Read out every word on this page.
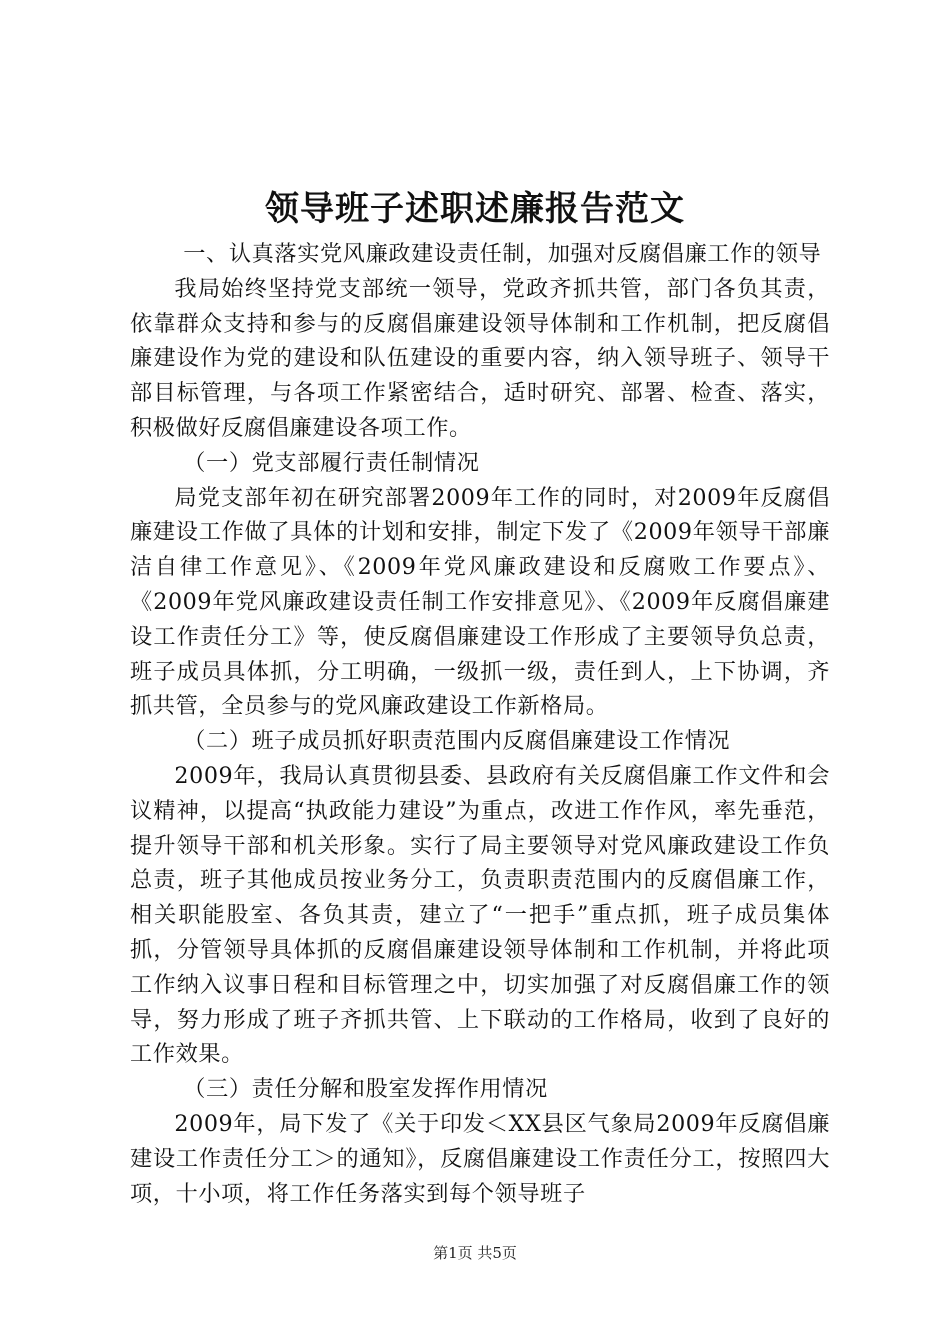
领导班子述职述廉报告范文

一、认真落实党风廉政建设责任制，加强对反腐倡廉工作的领导

我局始终坚持党支部统一领导，党政齐抓共管，部门各负其责，依靠群众支持和参与的反腐倡廉建设领导体制和工作机制，把反腐倡廉建设作为党的建设和队伍建设的重要内容，纳入领导班子、领导干部目标管理，与各项工作紧密结合，适时研究、部署、检查、落实，积极做好反腐倡廉建设各项工作。

（一）党支部履行责任制情况

局党支部年初在研究部署2009年工作的同时，对2009年反腐倡廉建设工作做了具体的计划和安排，制定下发了《2009年领导干部廉洁自律工作意见》、《2009年党风廉政建设和反腐败工作要点》、《2009年党风廉政建设责任制工作安排意见》、《2009年反腐倡廉建设工作责任分工》等，使反腐倡廉建设工作形成了主要领导负总责，班子成员具体抓，分工明确，一级抓一级，责任到人，上下协调，齐抓共管，全员参与的党风廉政建设工作新格局。

（二）班子成员抓好职责范围内反腐倡廉建设工作情况

2009年，我局认真贯彻县委、县政府有关反腐倡廉工作文件和会议精神，以提高“执政能力建设”为重点，改进工作作风，率先垂范，提升领导干部和机关形象。实行了局主要领导对党风廉政建设工作负总责，班子其他成员按业务分工，负责职责范围内的反腐倡廉工作，相关职能股室、各负其责，建立了“一把手”重点抓，班子成员集体抓，分管领导具体抓的反腐倡廉建设领导体制和工作机制，并将此项工作纳入议事日程和目标管理之中，切实加强了对反腐倡廉工作的领导，努力形成了班子齐抓共管、上下联动的工作格局，收到了良好的工作效果。

（三）责任分解和股室发挥作用情况

2009年，局下发了《关于印发＜XX县区气象局2009年反腐倡廉建设工作责任分工＞的通知》，反腐倡廉建设工作责任分工，按照四大项，十小项，将工作任务落实到每个领导班子

第1页 共5页
